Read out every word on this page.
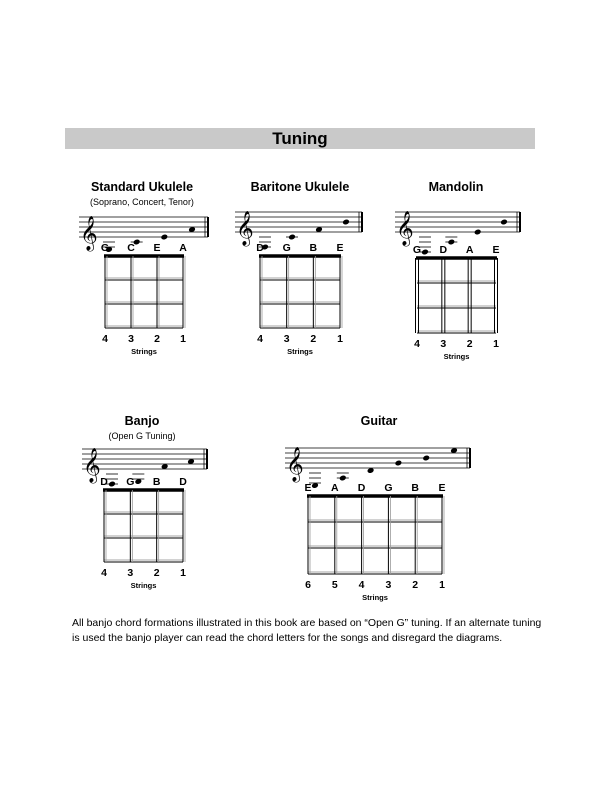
Tuning
Standard Ukulele
(Soprano, Concert, Tenor)
𝄞 G C E A
4 3 2 1
Strings
Baritone Ukulele
𝄞
D G B E
4 3 2 1
Strings
Mandolin
𝄞
G D A E
4 3 2 1
Strings
Banjo
(Open G Tuning)
𝄞 D G B D
4 3 2 1
Strings
Guitar
𝄞
E A D G B E
6 5 4 3 2 1
Strings
All banjo chord formations illustrated in this book are based on “Open G” tuning. If an alternate tuning is used the banjo player can read the chord letters for the songs and disregard the diagrams.
